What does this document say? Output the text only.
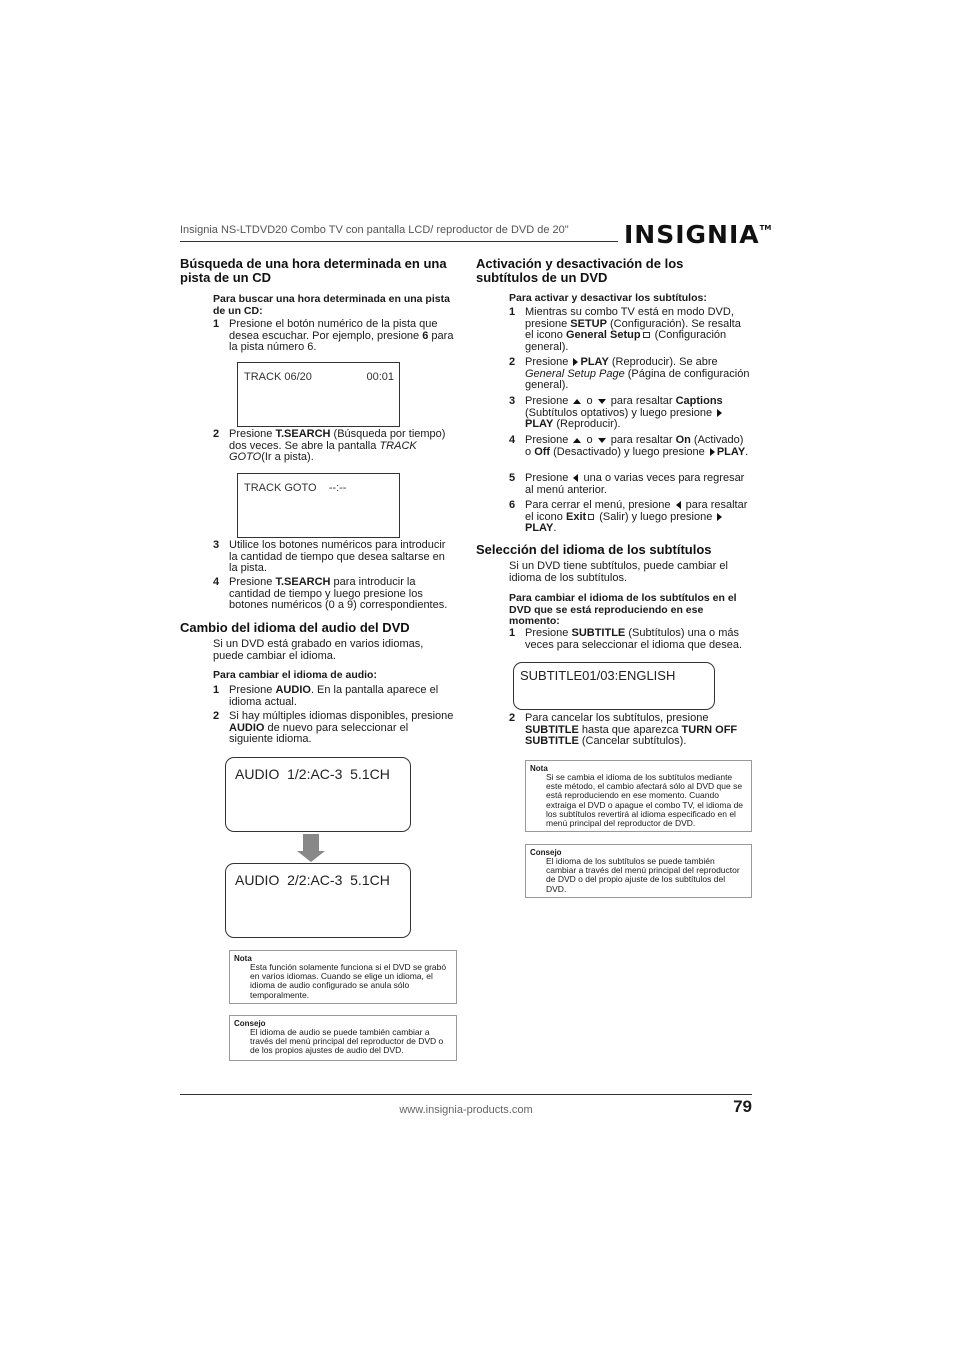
Insignia NS-LTDVD20 Combo TV con pantalla LCD/ reproductor de DVD de 20" INSIGNIA™
Búsqueda de una hora determinada en una pista de un CD
Para buscar una hora determinada en una pista de un CD:
1 Presione el botón numérico de la pista que desea escuchar. Por ejemplo, presione 6 para la pista número 6.
TRACK 06/20	00:01
2 Presione T.SEARCH (Búsqueda por tiempo) dos veces. Se abre la pantalla TRACK GOTO(Ir a pista).
TRACK GOTO    --:--
3 Utilice los botones numéricos para introducir la cantidad de tiempo que desea saltarse en la pista.
4 Presione T.SEARCH para introducir la cantidad de tiempo y luego presione los botones numéricos (0 a 9) correspondientes.
Cambio del idioma del audio del DVD
Si un DVD está grabado en varios idiomas, puede cambiar el idioma.
Para cambiar el idioma de audio:
1 Presione AUDIO. En la pantalla aparece el idioma actual.
2 Si hay múltiples idiomas disponibles, presione AUDIO de nuevo para seleccionar el siguiente idioma.
AUDIO  1/2:AC-3  5.1CH
AUDIO  2/2:AC-3  5.1CH
Nota
Esta función solamente funciona si el DVD se grabó en varios idiomas. Cuando se elige un idioma, el idioma de audio configurado se anula sólo temporalmente.
Consejo
El idioma de audio se puede también cambiar a través del menú principal del reproductor de DVD o de los propios ajustes de audio del DVD.
Activación y desactivación de los subtítulos de un DVD
Para activar y desactivar los subtítulos:
1 Mientras su combo TV está en modo DVD, presione SETUP (Configuración). Se resalta el icono General Setup (Configuración general).
2 Presione PLAY (Reproducir). Se abre General Setup Page (Página de configuración general).
3 Presione  o  para resaltar Captions (Subtítulos optativos) y luego presione PLAY (Reproducir).
4 Presione  o  para resaltar On (Activado) o Off (Desactivado) y luego presione PLAY.
5 Presione  una o varias veces para regresar al menú anterior.
6 Para cerrar el menú, presione  para resaltar el icono Exit (Salir) y luego presione PLAY.
Selección del idioma de los subtítulos
Si un DVD tiene subtítulos, puede cambiar el idioma de los subtítulos.
Para cambiar el idioma de los subtítulos en el DVD que se está reproduciendo en ese momento:
1 Presione SUBTITLE (Subtítulos) una o más veces para seleccionar el idioma que desea.
SUBTITLE01/03:ENGLISH
2 Para cancelar los subtítulos, presione SUBTITLE hasta que aparezca TURN OFF SUBTITLE (Cancelar subtítulos).
Nota
Si se cambia el idioma de los subtítulos mediante este método, el cambio afectará sólo al DVD que se está reproduciendo en ese momento. Cuando extraiga el DVD o apague el combo TV, el idioma de los subtítulos revertirá al idioma especificado en el menú principal del reproductor de DVD.
Consejo
El idioma de los subtítulos se puede también cambiar a través del menú principal del reproductor de DVD o del propio ajuste de los subtítulos del DVD.
www.insignia-products.com	79
